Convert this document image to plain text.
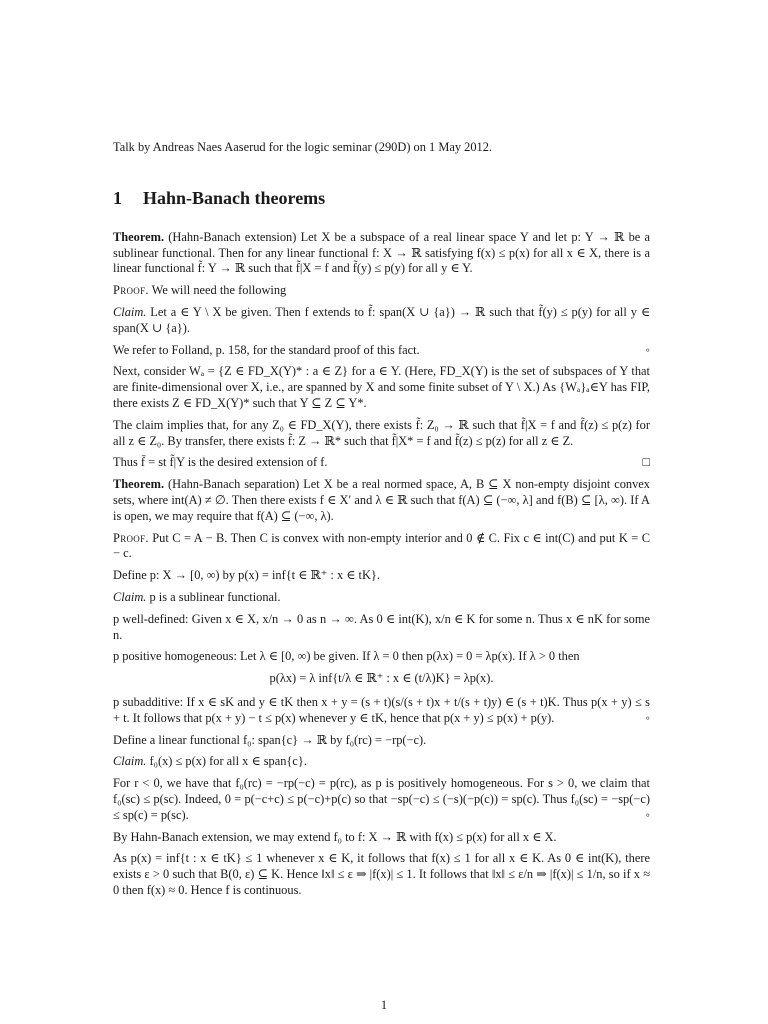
Talk by Andreas Naes Aaserud for the logic seminar (290D) on 1 May 2012.

1 Hahn-Banach theorems

Theorem. (Hahn-Banach extension) Let X be a subspace of a real linear space Y and let p: Y → ℝ be a sublinear functional. Then for any linear functional f: X → ℝ satisfying f(x) ≤ p(x) for all x ∈ X, there is a linear functional f̃: Y → ℝ such that f̃|X = f and f̃(y) ≤ p(y) for all y ∈ Y.

Proof. We will need the following

Claim. Let a ∈ Y \ X be given. Then f extends to f̃: span(X ∪ {a}) → ℝ such that f̃(y) ≤ p(y) for all y ∈ span(X ∪ {a}).

We refer to Folland, p. 158, for the standard proof of this fact.	◦

Next, consider Wₐ = {Z ∈ FD_X(Y)* : a ∈ Z} for a ∈ Y. (Here, FD_X(Y) is the set of subspaces of Y that are finite-dimensional over X, i.e., are spanned by X and some finite subset of Y \ X.) As {Wₐ}ₐ∈Y has FIP, there exists Z ∈ FD_X(Y)* such that Y ⊆ Z ⊆ Y*.

The claim implies that, for any Z₀ ∈ FD_X(Y), there exists f̃: Z₀ → ℝ such that f̃|X = f and f̃(z) ≤ p(z) for all z ∈ Z₀. By transfer, there exists f̃: Z → ℝ* such that f̃|X* = f and f̃(z) ≤ p(z) for all z ∈ Z.

Thus f̄ = st f̃|Y is the desired extension of f.	□

Theorem. (Hahn-Banach separation) Let X be a real normed space, A, B ⊆ X non-empty disjoint convex sets, where int(A) ≠ ∅. Then there exists f ∈ X′ and λ ∈ ℝ such that f(A) ⊆ (−∞, λ] and f(B) ⊆ [λ, ∞). If A is open, we may require that f(A) ⊆ (−∞, λ).

Proof. Put C = A − B. Then C is convex with non-empty interior and 0 ∉ C. Fix c ∈ int(C) and put K = C − c.

Define p: X → [0, ∞) by p(x) = inf{t ∈ ℝ⁺ : x ∈ tK}.

Claim. p is a sublinear functional.

p well-defined: Given x ∈ X, x/n → 0 as n → ∞. As 0 ∈ int(K), x/n ∈ K for some n. Thus x ∈ nK for some n.

p positive homogeneous: Let λ ∈ [0, ∞) be given. If λ = 0 then p(λx) = 0 = λp(x). If λ > 0 then

p(λx) = λ inf{t/λ ∈ ℝ⁺ : x ∈ (t/λ)K} = λp(x).

p subadditive: If x ∈ sK and y ∈ tK then x + y = (s + t)(s/(s + t)x + t/(s + t)y) ∈ (s + t)K. Thus p(x + y) ≤ s + t. It follows that p(x + y) − t ≤ p(x) whenever y ∈ tK, hence that p(x + y) ≤ p(x) + p(y).	◦

Define a linear functional f₀: span{c} → ℝ by f₀(rc) = −rp(−c).

Claim. f₀(x) ≤ p(x) for all x ∈ span{c}.

For r < 0, we have that f₀(rc) = −rp(−c) = p(rc), as p is positively homogeneous. For s > 0, we claim that f₀(sc) ≤ p(sc). Indeed, 0 = p(−c+c) ≤ p(−c)+p(c) so that −sp(−c) ≤ (−s)(−p(c)) = sp(c). Thus f₀(sc) = −sp(−c) ≤ sp(c) = p(sc).	◦

By Hahn-Banach extension, we may extend f₀ to f: X → ℝ with f(x) ≤ p(x) for all x ∈ X.

As p(x) = inf{t : x ∈ tK} ≤ 1 whenever x ∈ K, it follows that f(x) ≤ 1 for all x ∈ K. As 0 ∈ int(K), there exists ε > 0 such that B(0, ε) ⊆ K. Hence ‖x‖ ≤ ε ⇒ |f(x)| ≤ 1. It follows that ‖x‖ ≤ ε/n ⇒ |f(x)| ≤ 1/n, so if x ≈ 0 then f(x) ≈ 0. Hence f is continuous.

1
